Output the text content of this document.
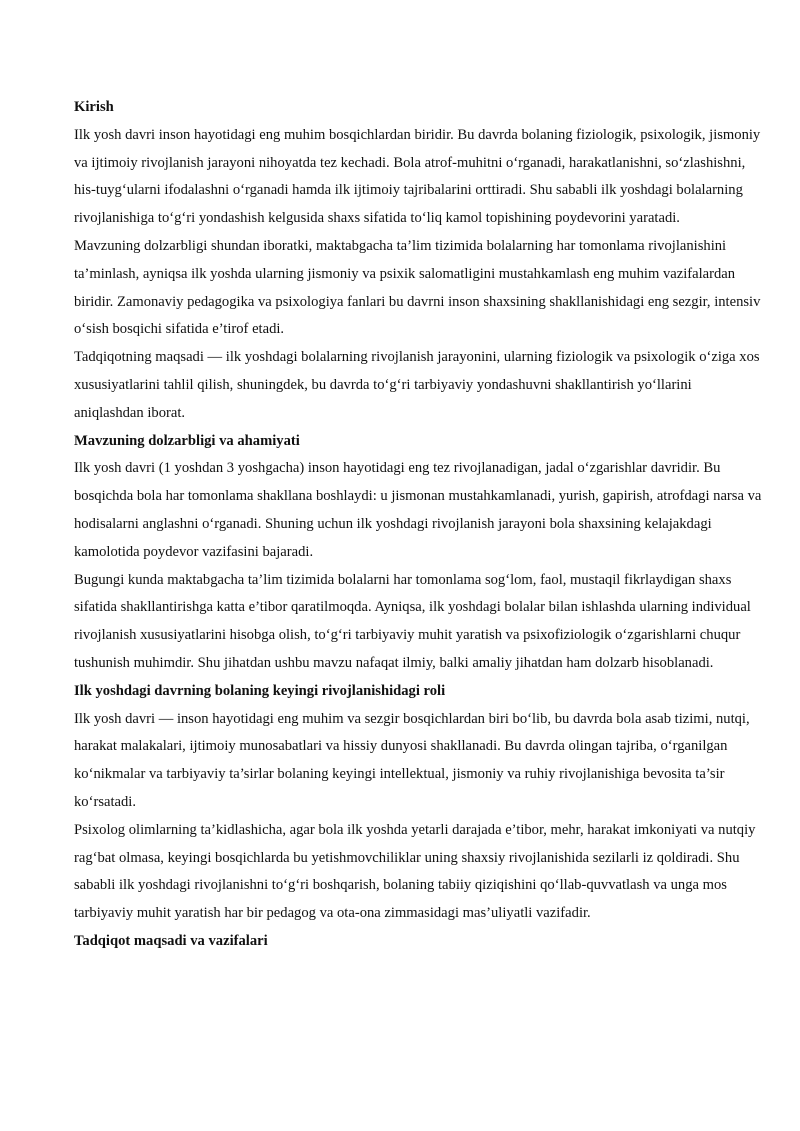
Kirish

Ilk yosh davri inson hayotidagi eng muhim bosqichlardan biridir. Bu davrda bolaning fiziologik, psixologik, jismoniy va ijtimoiy rivojlanish jarayoni nihoyatda tez kechadi. Bola atrof-muhitni o‘rganadi, harakatlanishni, so‘zlashishni, his-tuyg‘ularni ifodalashni o‘rganadi hamda ilk ijtimoiy tajribalarini orttiradi. Shu sababli ilk yoshdagi bolalarning rivojlanishiga to‘g‘ri yondashish kelgusida shaxs sifatida to‘liq kamol topishining poydevorini yaratadi.

Mavzuning dolzarbligi shundan iboratki, maktabgacha ta’lim tizimida bolalarning har tomonlama rivojlanishini ta’minlash, ayniqsa ilk yoshda ularning jismoniy va psixik salomatligini mustahkamlash eng muhim vazifalardan biridir. Zamonaviy pedagogika va psixologiya fanlari bu davrni inson shaxsining shakllanishidagi eng sezgir, intensiv o‘sish bosqichi sifatida e’tirof etadi.

Tadqiqotning maqsadi — ilk yoshdagi bolalarning rivojlanish jarayonini, ularning fiziologik va psixologik o‘ziga xos xususiyatlarini tahlil qilish, shuningdek, bu davrda to‘g‘ri tarbiyaviy yondashuvni shakllantirish yo‘llarini aniqlashdan iborat.

Mavzuning dolzarbligi va ahamiyati

Ilk yosh davri (1 yoshdan 3 yoshgacha) inson hayotidagi eng tez rivojlanadigan, jadal o‘zgarishlar davridir. Bu bosqichda bola har tomonlama shakllana boshlaydi: u jismonan mustahkamlanadi, yurish, gapirish, atrofdagi narsa va hodisalarni anglashni o‘rganadi. Shuning uchun ilk yoshdagi rivojlanish jarayoni bola shaxsining kelajakdagi kamolotida poydevor vazifasini bajaradi.

Bugungi kunda maktabgacha ta’lim tizimida bolalarni har tomonlama sog‘lom, faol, mustaqil fikrlaydigan shaxs sifatida shakllantirishga katta e’tibor qaratilmoqda. Ayniqsa, ilk yoshdagi bolalar bilan ishlashda ularning individual rivojlanish xususiyatlarini hisobga olish, to‘g‘ri tarbiyaviy muhit yaratish va psixofiziologik o‘zgarishlarni chuqur tushunish muhimdir. Shu jihatdan ushbu mavzu nafaqat ilmiy, balki amaliy jihatdan ham dolzarb hisoblanadi.

Ilk yoshdagi davrning bolaning keyingi rivojlanishidagi roli

Ilk yosh davri — inson hayotidagi eng muhim va sezgir bosqichlardan biri bo‘lib, bu davrda bola asab tizimi, nutqi, harakat malakalari, ijtimoiy munosabatlari va hissiy dunyosi shakllanadi. Bu davrda olingan tajriba, o‘rganilgan ko‘nikmalar va tarbiyaviy ta’sirlar bolaning keyingi intellektual, jismoniy va ruhiy rivojlanishiga bevosita ta’sir ko‘rsatadi.

Psixolog olimlarning ta’kidlashicha, agar bola ilk yoshda yetarli darajada e’tibor, mehr, harakat imkoniyati va nutqiy rag‘bat olmasa, keyingi bosqichlarda bu yetishmovchiliklar uning shaxsiy rivojlanishida sezilarli iz qoldiradi. Shu sababli ilk yoshdagi rivojlanishni to‘g‘ri boshqarish, bolaning tabiiy qiziqishini qo‘llab-quvvatlash va unga mos tarbiyaviy muhit yaratish har bir pedagog va ota-ona zimmasidagi mas’uliyatli vazifadir.

Tadqiqot maqsadi va vazifalari
